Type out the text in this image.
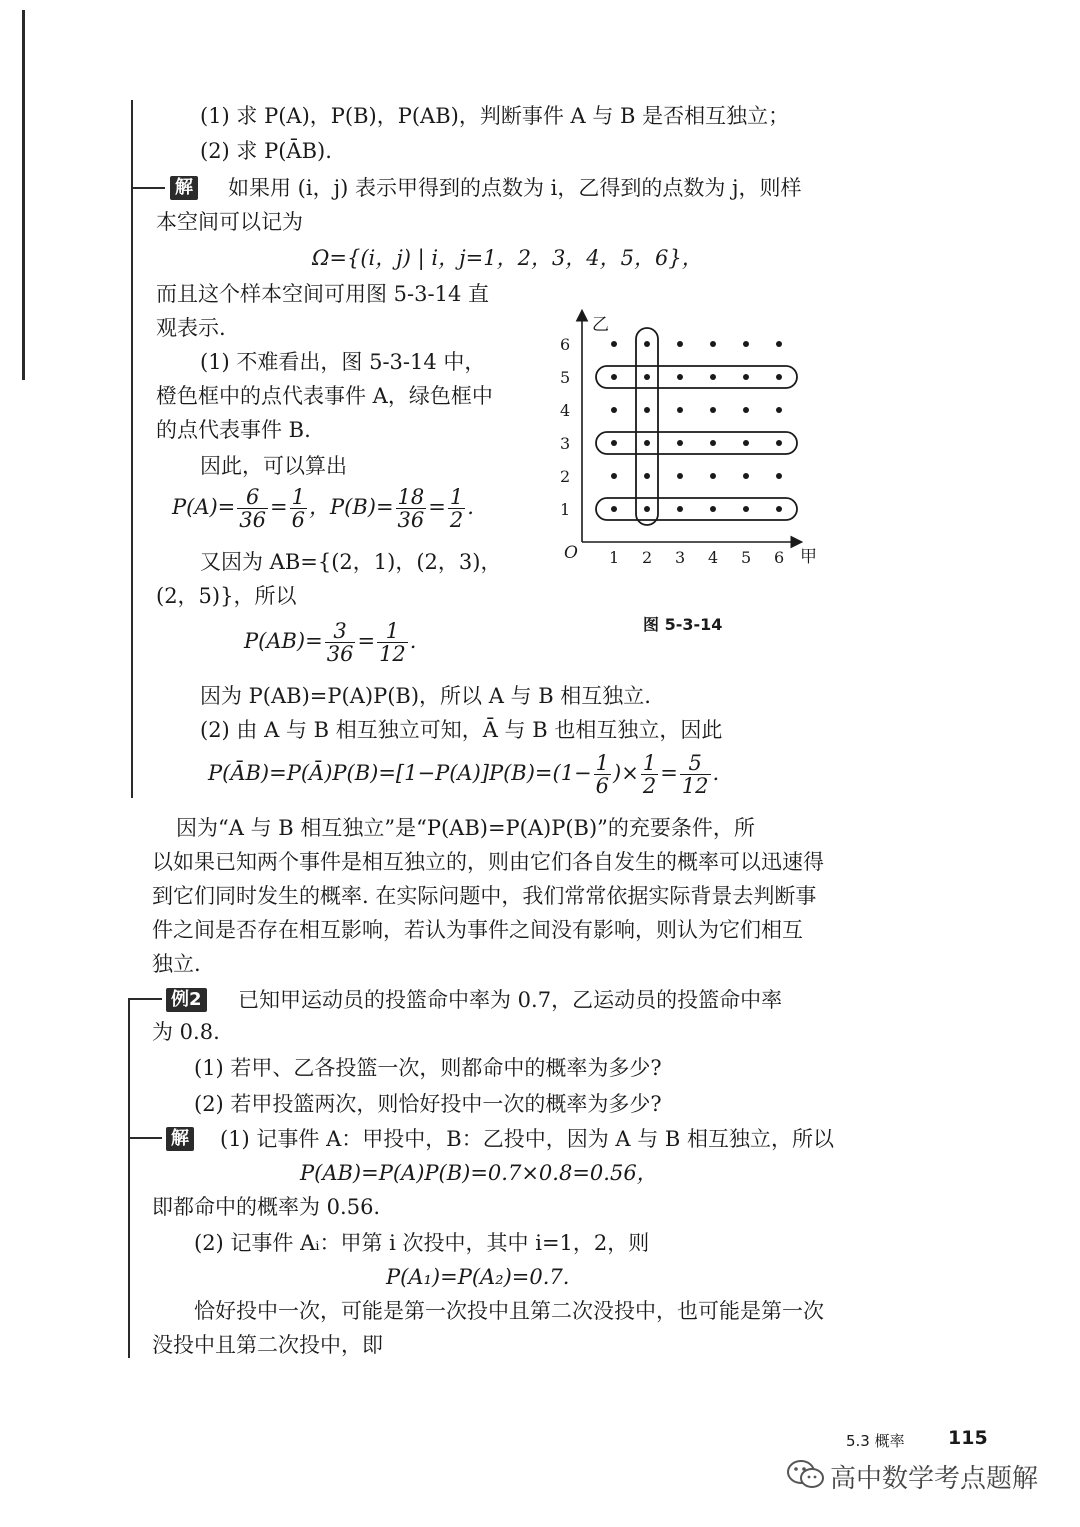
(1) 求 P(A)，P(B)，P(AB)，判断事件 A 与 B 是否相互独立；
(2) 求 P(ĀB).
解 如果用 (i，j) 表示甲得到的点数为 i，乙得到的点数为 j，则样
本空间可以记为
Ω={(i，j) | i，j=1，2，3，4，5，6}，
而且这个样本空间可用图 5-3-14 直
观表示.
(1) 不难看出，图 5-3-14 中，
橙色框中的点代表事件 A，绿色框中
的点代表事件 B.
因此，可以算出
$P(A)= \frac{6}{36} = \frac{1}{6}$ ，$P(B)= \frac{18}{36} = \frac{1}{2}$ .
又因为 AB={(2，1)，(2，3)，
(2，5)}，所以
$P(AB)= \frac{3}{36} = \frac{1}{12}$ .
因为 P(AB)=P(A)P(B)，所以 A 与 B 相互独立.
(2) 由 A 与 B 相互独立可知，Ā 与 B 也相互独立，因此
P(ĀB)=P(Ā)P(B)=[1−P(A)]P(B)=(1− $\frac{1}{6}$ )× $\frac{1}{2} = \frac{5}{12}$ .
1 2 3 4 5 6
1
2
3
4
5
6
乙
甲
O
图 5-3-14
因为“A 与 B 相互独立”是“P(AB)=P(A)P(B)”的充要条件，所
以如果已知两个事件是相互独立的，则由它们各自发生的概率可以迅速得
到它们同时发生的概率. 在实际问题中，我们常常依据实际背景去判断事
件之间是否存在相互影响，若认为事件之间没有影响，则认为它们相互
独立.
例2 已知甲运动员的投篮命中率为 0.7，乙运动员的投篮命中率
为 0.8.
(1) 若甲、乙各投篮一次，则都命中的概率为多少?
(2) 若甲投篮两次，则恰好投中一次的概率为多少?
解 (1) 记事件 A：甲投中，B：乙投中，因为 A 与 B 相互独立，所以
P(AB)=P(A)P(B)=0.7×0.8=0.56，
即都命中的概率为 0.56.
(2) 记事件 Aᵢ：甲第 i 次投中，其中 i=1，2，则
P(A₁)=P(A₂)=0.7.
恰好投中一次，可能是第一次投中且第二次没投中，也可能是第一次
没投中且第二次投中，即
5.3 概率 115
高中数学考点题解
